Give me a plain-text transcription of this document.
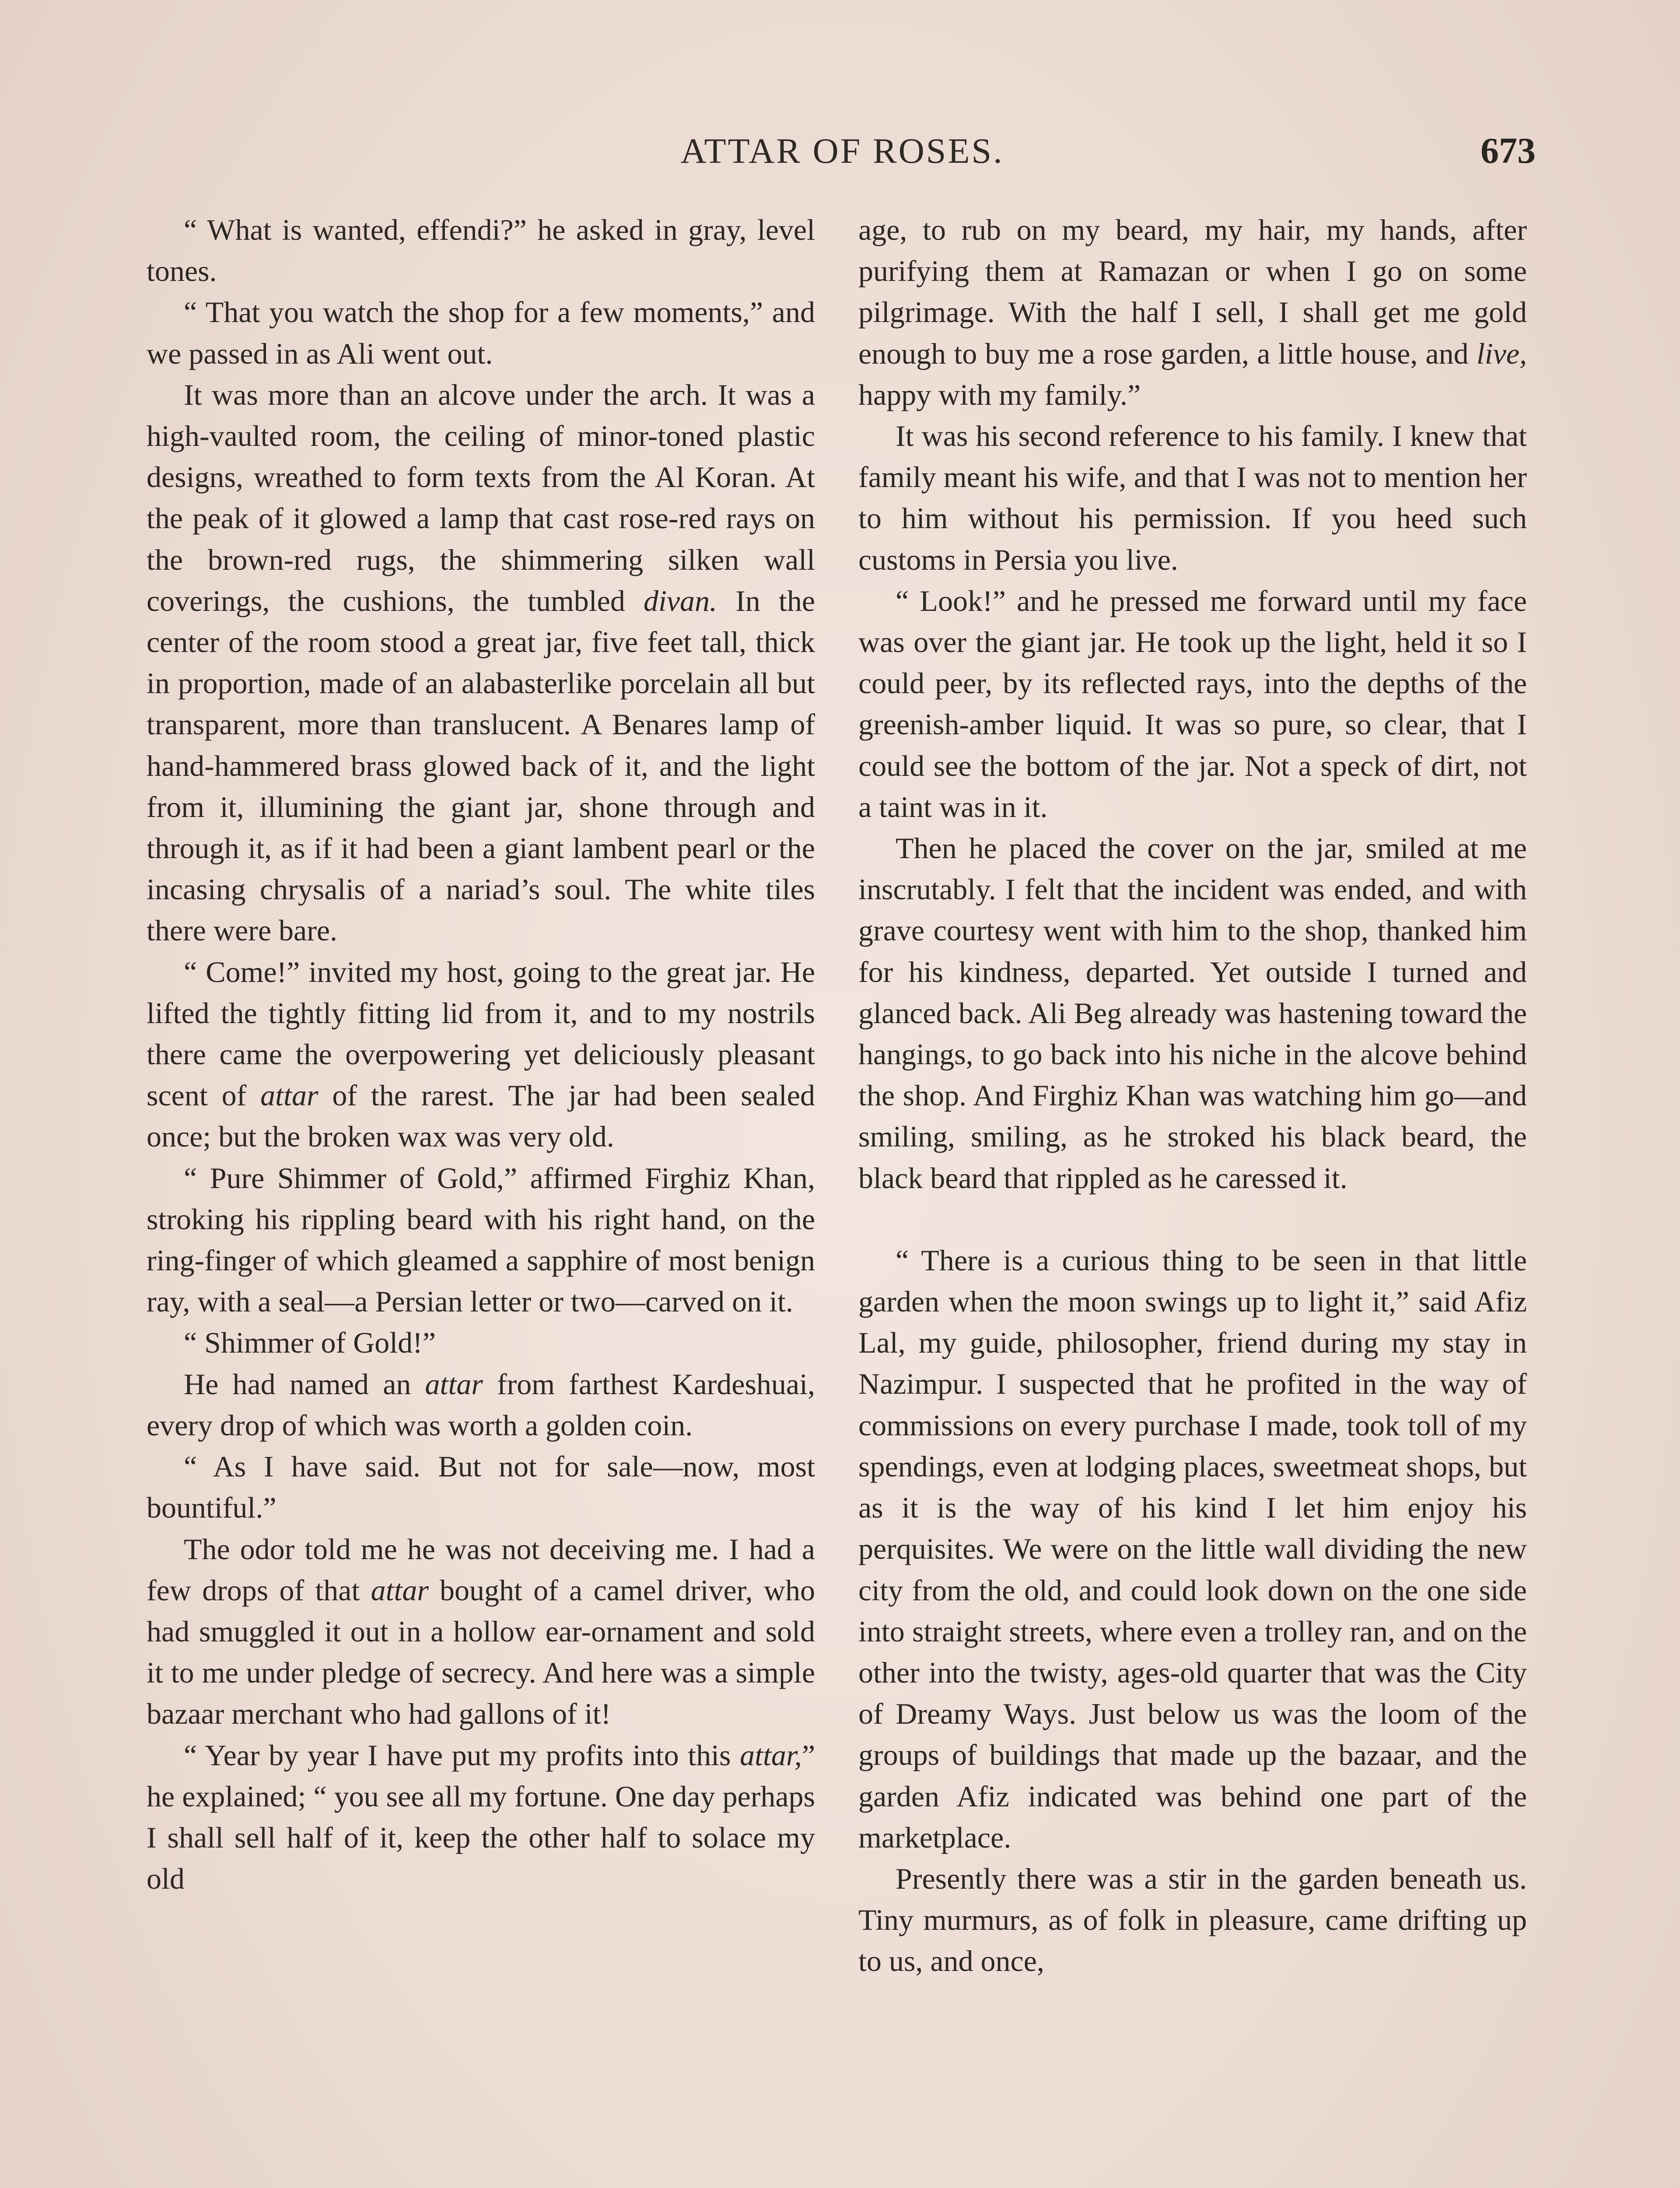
ATTAR OF ROSES.	673

“ What is wanted, effendi?” he asked in gray, level tones.

“ That you watch the shop for a few moments,” and we passed in as Ali went out.

It was more than an alcove under the arch. It was a high-vaulted room, the ceiling of minor-toned plastic designs, wreathed to form texts from the Al Koran. At the peak of it glowed a lamp that cast rose-red rays on the brown-red rugs, the shimmering silken wall coverings, the cushions, the tumbled divan. In the center of the room stood a great jar, five feet tall, thick in proportion, made of an alabasterlike porcelain all but transparent, more than translucent. A Benares lamp of hand-hammered brass glowed back of it, and the light from it, illumining the giant jar, shone through and through it, as if it had been a giant lambent pearl or the incasing chrysalis of a nariad’s soul. The white tiles there were bare.

“ Come!” invited my host, going to the great jar. He lifted the tightly fitting lid from it, and to my nostrils there came the overpowering yet deliciously pleasant scent of attar of the rarest. The jar had been sealed once; but the broken wax was very old.

“ Pure Shimmer of Gold,” affirmed Firghiz Khan, stroking his rippling beard with his right hand, on the ring-finger of which gleamed a sapphire of most benign ray, with a seal—a Persian letter or two—carved on it.

“ Shimmer of Gold!”

He had named an attar from farthest Kardeshuai, every drop of which was worth a golden coin.

“ As I have said. But not for sale—now, most bountiful.”

The odor told me he was not deceiving me. I had a few drops of that attar bought of a camel driver, who had smuggled it out in a hollow ear-ornament and sold it to me under pledge of secrecy. And here was a simple bazaar merchant who had gallons of it!

“ Year by year I have put my profits into this attar,” he explained; “ you see all my fortune. One day perhaps I shall sell half of it, keep the other half to solace my old

age, to rub on my beard, my hair, my hands, after purifying them at Ramazan or when I go on some pilgrimage. With the half I sell, I shall get me gold enough to buy me a rose garden, a little house, and live, happy with my family.”

It was his second reference to his family. I knew that family meant his wife, and that I was not to mention her to him without his permission. If you heed such customs in Persia you live.

“ Look!” and he pressed me forward until my face was over the giant jar. He took up the light, held it so I could peer, by its reflected rays, into the depths of the greenish-amber liquid. It was so pure, so clear, that I could see the bottom of the jar. Not a speck of dirt, not a taint was in it.

Then he placed the cover on the jar, smiled at me inscrutably. I felt that the incident was ended, and with grave courtesy went with him to the shop, thanked him for his kindness, departed. Yet outside I turned and glanced back. Ali Beg already was hastening toward the hangings, to go back into his niche in the alcove behind the shop. And Firghiz Khan was watching him go—and smiling, smiling, as he stroked his black beard, the black beard that rippled as he caressed it.

“ There is a curious thing to be seen in that little garden when the moon swings up to light it,” said Afiz Lal, my guide, philosopher, friend during my stay in Nazimpur. I suspected that he profited in the way of commissions on every purchase I made, took toll of my spendings, even at lodging places, sweetmeat shops, but as it is the way of his kind I let him enjoy his perquisites. We were on the little wall dividing the new city from the old, and could look down on the one side into straight streets, where even a trolley ran, and on the other into the twisty, ages-old quarter that was the City of Dreamy Ways. Just below us was the loom of the groups of buildings that made up the bazaar, and the garden Afiz indicated was behind one part of the marketplace.

Presently there was a stir in the garden beneath us. Tiny murmurs, as of folk in pleasure, came drifting up to us, and once,
